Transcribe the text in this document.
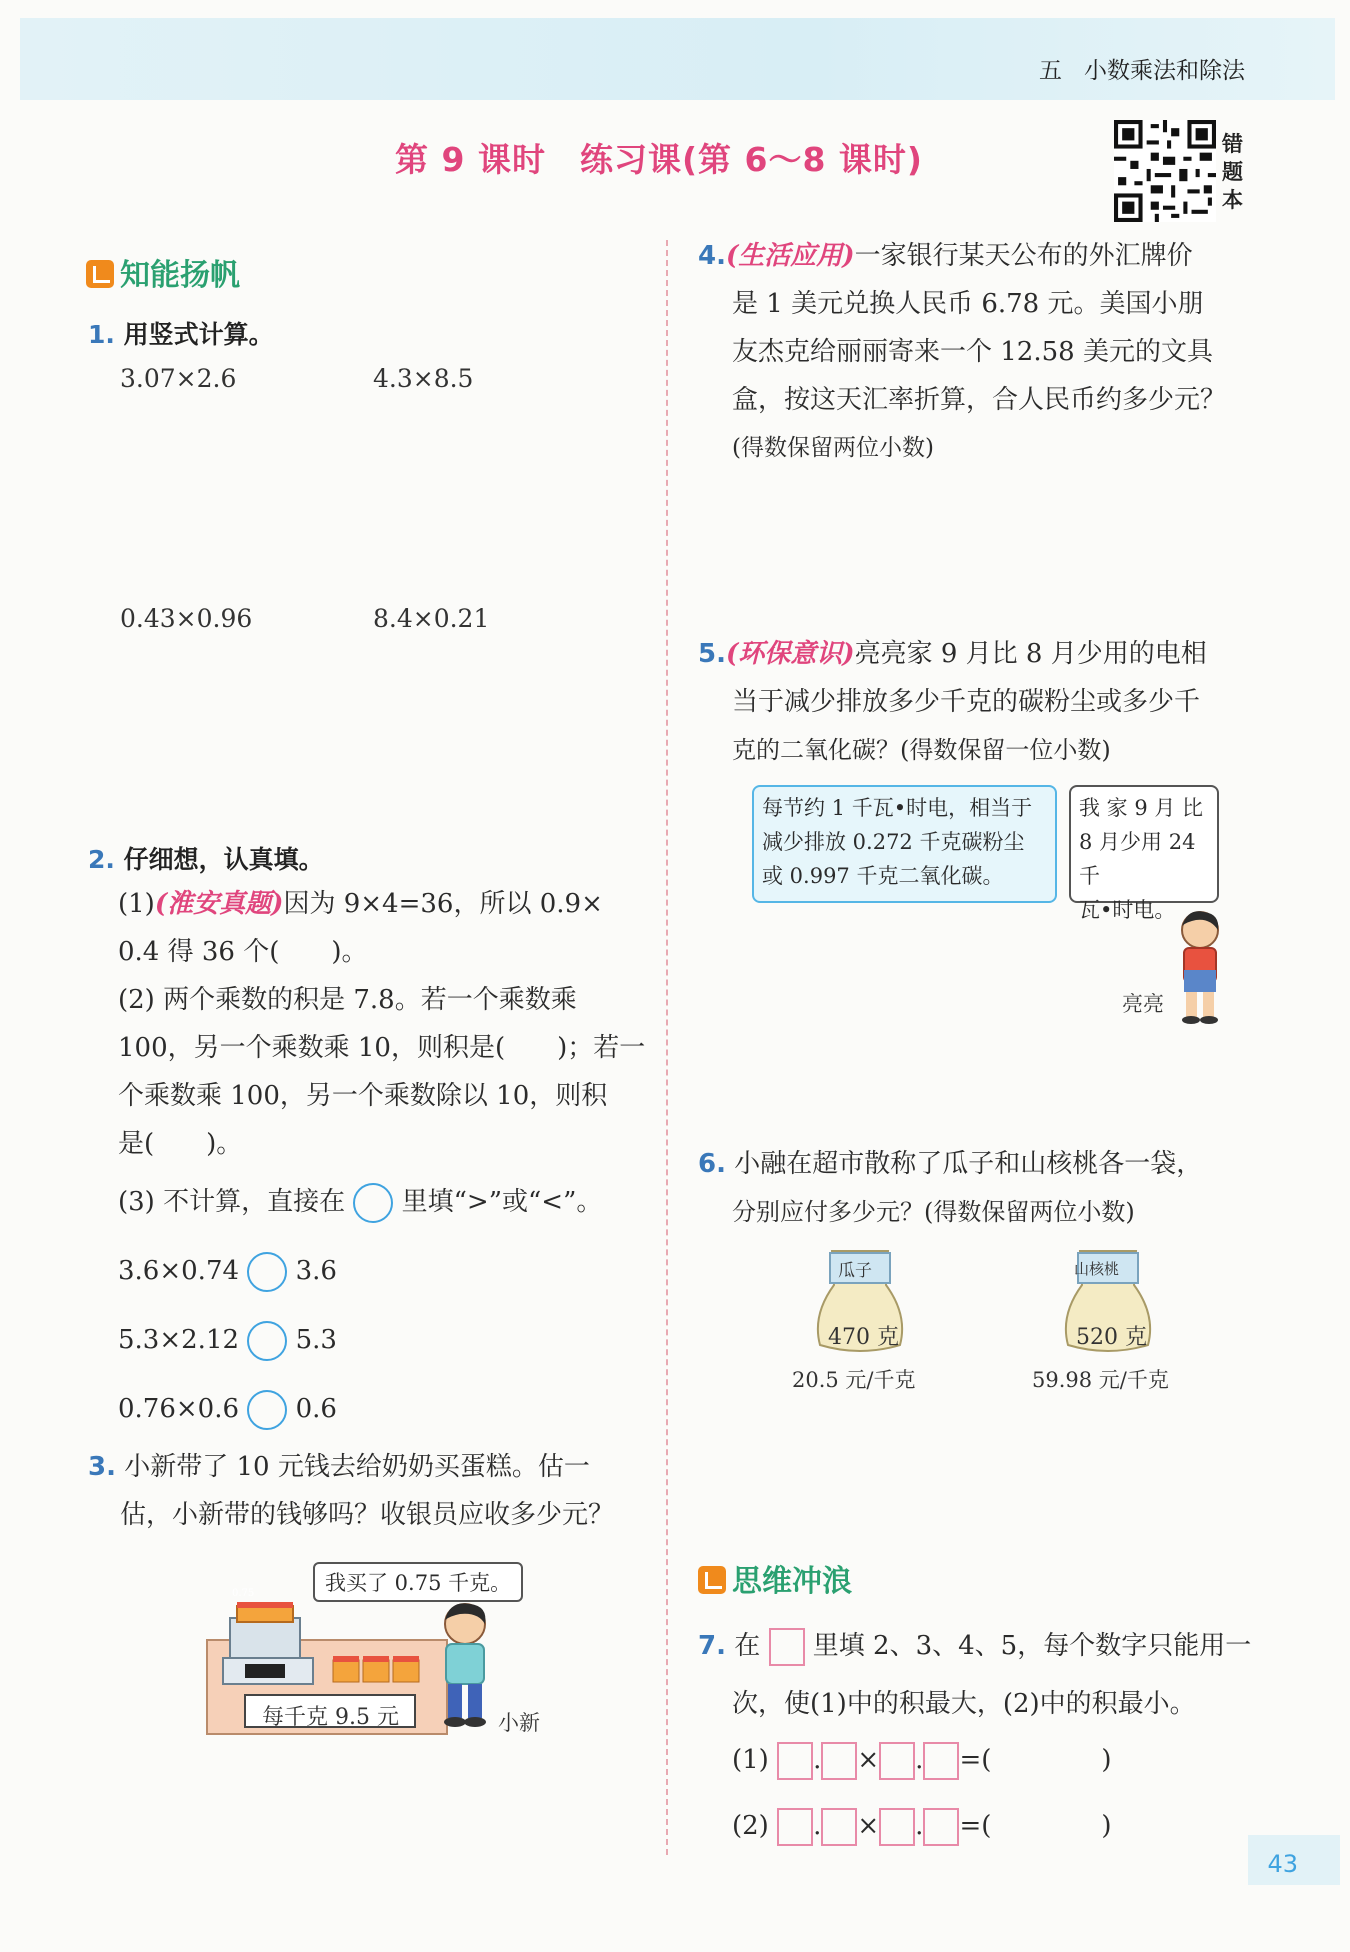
五 小数乘法和除法
第 9 课时　练习课(第 6～8 课时)	错
题
本
知能扬帆
1. 用竖式计算。
3.07×2.6	4.3×8.5
0.43×0.96	8.4×0.21
2. 仔细想，认真填。
(1)(淮安真题)因为 9×4=36，所以 0.9×
0.4 得 36 个(　　)。
(2) 两个乘数的积是 7.8。若一个乘数乘
100，另一个乘数乘 10，则积是(　　)；若一
个乘数乘 100，另一个乘数除以 10，则积
是(　　)。
(3) 不计算，直接在 里填“>”或“<”。
3.6×0.74 3.6
5.3×2.12 5.3
0.76×0.6 0.6
3. 小新带了 10 元钱去给奶奶买蛋糕。估一
估，小新带的钱够吗？收银员应收多少元？
我买了 0.75 千克。
0.75
每千克 9.5 元	小新
4.(生活应用)一家银行某天公布的外汇牌价
是 1 美元兑换人民币 6.78 元。美国小朋
友杰克给丽丽寄来一个 12.58 美元的文具
盒，按这天汇率折算，合人民币约多少元？
(得数保留两位小数)
5.(环保意识)亮亮家 9 月比 8 月少用的电相
当于减少排放多少千克的碳粉尘或多少千
克的二氧化碳？(得数保留一位小数)
每节约 1 千瓦•时电，相当于
减少排放 0.272 千克碳粉尘
或 0.997 千克二氧化碳。
我 家 9 月 比
8 月少用 24 千
瓦•时电。
亮亮
6. 小融在超市散称了瓜子和山核桃各一袋，
分别应付多少元？(得数保留两位小数)
瓜子
470 克
20.5 元/千克
山核桃
520 克
59.98 元/千克
思维冲浪
7. 在 里填 2、3、4、5，每个数字只能用一
次，使(1)中的积最大，(2)中的积最小。
(1) . × . =(	)
(2) . × . =(	)
43
